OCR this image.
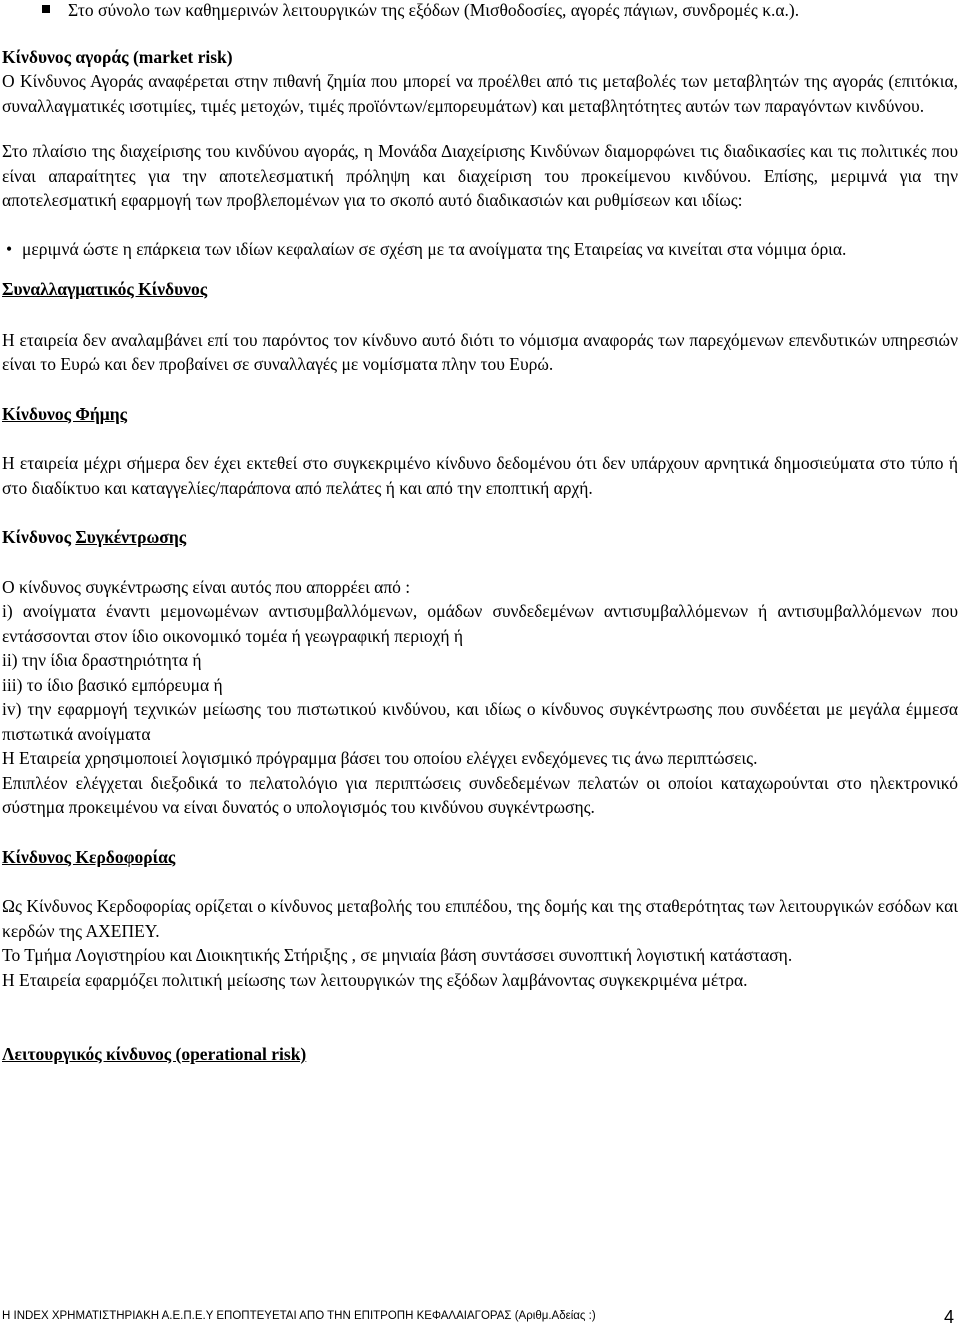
Στο σύνολο των καθημερινών λειτουργικών της εξόδων (Μισθοδοσίες, αγορές πάγιων, συνδρομές κ.α.).

Κίνδυνος αγοράς (market risk)

Ο Κίνδυνος Αγοράς αναφέρεται στην πιθανή ζημία που μπορεί να προέλθει από τις μεταβολές των μεταβλητών της αγοράς (επιτόκια, συναλλαγματικές ισοτιμίες, τιμές μετοχών, τιμές προϊόντων/εμπορευμάτων) και μεταβλητότητες αυτών των παραγόντων κινδύνου.

Στο πλαίσιο της διαχείρισης του κινδύνου αγοράς, η Μονάδα Διαχείρισης Κινδύνων διαμορφώνει τις διαδικασίες και τις πολιτικές που είναι απαραίτητες για την αποτελεσματική πρόληψη και διαχείριση του προκείμενου κινδύνου. Επίσης, μεριμνά για την αποτελεσματική εφαρμογή των προβλεπομένων για το σκοπό αυτό διαδικασιών και ρυθμίσεων και ιδίως:

• μεριμνά ώστε η επάρκεια των ιδίων κεφαλαίων σε σχέση με τα ανοίγματα της Εταιρείας να κινείται στα νόμιμα όρια.

Συναλλαγματικός Κίνδυνος

Η εταιρεία δεν αναλαμβάνει επί του παρόντος τον κίνδυνο αυτό διότι το νόμισμα αναφοράς των παρεχόμενων επενδυτικών υπηρεσιών είναι το Ευρώ και δεν προβαίνει σε συναλλαγές με νομίσματα πλην του Ευρώ.

Κίνδυνος Φήμης

Η εταιρεία μέχρι σήμερα δεν έχει εκτεθεί στο συγκεκριμένο κίνδυνο δεδομένου ότι δεν υπάρχουν αρνητικά δημοσιεύματα στο τύπο ή στο διαδίκτυο και καταγγελίες/παράπονα από πελάτες ή και από την εποπτική αρχή.

Κίνδυνος Συγκέντρωσης

Ο κίνδυνος συγκέντρωσης είναι αυτός που απορρέει από :

i) ανοίγματα έναντι μεμονωμένων αντισυμβαλλόμενων, ομάδων συνδεδεμένων αντισυμβαλλόμενων ή αντισυμβαλλόμενων που εντάσσονται στον ίδιο οικονομικό τομέα ή γεωγραφική περιοχή ή

ii) την ίδια δραστηριότητα ή

iii) το ίδιο βασικό εμπόρευμα ή

iv) την εφαρμογή τεχνικών μείωσης του πιστωτικού κινδύνου, και ιδίως ο κίνδυνος συγκέντρωσης που συνδέεται με μεγάλα έμμεσα πιστωτικά ανοίγματα

Η Εταιρεία χρησιμοποιεί λογισμικό πρόγραμμα βάσει του οποίου ελέγχει ενδεχόμενες τις άνω περιπτώσεις.

Επιπλέον ελέγχεται διεξοδικά το πελατολόγιο για περιπτώσεις συνδεδεμένων πελατών οι οποίοι καταχωρούνται στο ηλεκτρονικό σύστημα προκειμένου να είναι δυνατός ο υπολογισμός του κινδύνου συγκέντρωσης.

Κίνδυνος Κερδοφορίας

Ως Κίνδυνος Κερδοφορίας ορίζεται ο κίνδυνος μεταβολής του επιπέδου, της δομής και της σταθερότητας των λειτουργικών εσόδων και κερδών της ΑΧΕΠΕΥ.

Το Τμήμα Λογιστηρίου και Διοικητικής Στήριξης , σε μηνιαία βάση συντάσσει συνοπτική λογιστική κατάσταση.

Η Εταιρεία εφαρμόζει πολιτική μείωσης των λειτουργικών της εξόδων λαμβάνοντας συγκεκριμένα μέτρα.

Λειτουργικός κίνδυνος (operational risk)

Η INDEX ΧΡΗΜΑΤΙΣΤΗΡΙΑΚΗ Α.Ε.Π.Ε.Υ ΕΠΟΠΤΕΥΕΤΑΙ ΑΠΟ ΤΗΝ ΕΠΙΤΡΟΠΗ ΚΕΦΑΛΑΙΑΓΟΡΑΣ (Αριθμ.Αδείας :)	4
